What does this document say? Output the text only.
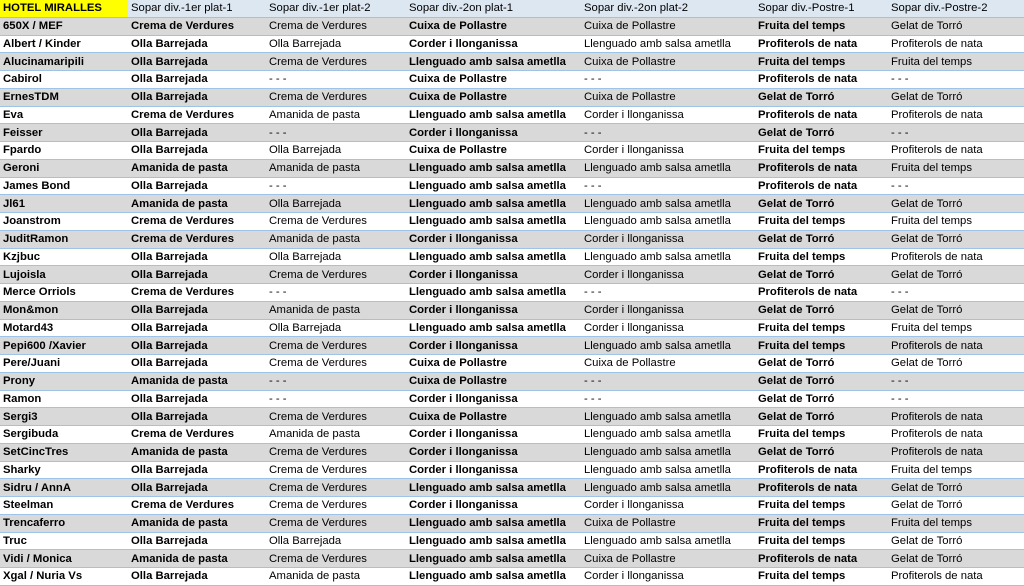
HOTEL MIRALLES	Sopar div.-1er plat-1	Sopar div.-1er plat-2	Sopar div.-2on plat-1	Sopar div.-2on plat-2	Sopar div.-Postre-1	Sopar div.-Postre-2
650X / MEF	Crema de Verdures	Crema de Verdures	Cuixa de Pollastre	Cuixa de Pollastre	Fruita del temps	Gelat de Torró
Albert / Kinder	Olla Barrejada	Olla Barrejada	Corder i llonganissa	Llenguado amb salsa ametlla	Profiterols de nata	Profiterols de nata
Alucinamaripili	Olla Barrejada	Crema de Verdures	Llenguado amb salsa ametlla	Cuixa de Pollastre	Fruita del temps	Fruita del temps
Cabirol	Olla Barrejada	- - -	Cuixa de Pollastre	- - -	Profiterols de nata	- - -
ErnesTDM	Olla Barrejada	Crema de Verdures	Cuixa de Pollastre	Cuixa de Pollastre	Gelat de Torró	Gelat de Torró
Eva	Crema de Verdures	Amanida de pasta	Llenguado amb salsa ametlla	Corder i llonganissa	Profiterols de nata	Profiterols de nata
Feisser	Olla Barrejada	- - -	Corder i llonganissa	- - -	Gelat de Torró	- - -
Fpardo	Olla Barrejada	Olla Barrejada	Cuixa de Pollastre	Corder i llonganissa	Fruita del temps	Profiterols de nata
Geroni	Amanida de pasta	Amanida de pasta	Llenguado amb salsa ametlla	Llenguado amb salsa ametlla	Profiterols de nata	Fruita del temps
James Bond	Olla Barrejada	- - -	Llenguado amb salsa ametlla	- - -	Profiterols de nata	- - -
Jl61	Amanida de pasta	Olla Barrejada	Llenguado amb salsa ametlla	Llenguado amb salsa ametlla	Gelat de Torró	Gelat de Torró
Joanstrom	Crema de Verdures	Crema de Verdures	Llenguado amb salsa ametlla	Llenguado amb salsa ametlla	Fruita del temps	Fruita del temps
JuditRamon	Crema de Verdures	Amanida de pasta	Corder i llonganissa	Corder i llonganissa	Gelat de Torró	Gelat de Torró
Kzjbuc	Olla Barrejada	Olla Barrejada	Llenguado amb salsa ametlla	Llenguado amb salsa ametlla	Fruita del temps	Profiterols de nata
Lujoisla	Olla Barrejada	Crema de Verdures	Corder i llonganissa	Corder i llonganissa	Gelat de Torró	Gelat de Torró
Merce Orriols	Crema de Verdures	- - -	Llenguado amb salsa ametlla	- - -	Profiterols de nata	- - -
Mon&mon	Olla Barrejada	Amanida de pasta	Corder i llonganissa	Corder i llonganissa	Gelat de Torró	Gelat de Torró
Motard43	Olla Barrejada	Olla Barrejada	Llenguado amb salsa ametlla	Corder i llonganissa	Fruita del temps	Fruita del temps
Pepi600 /Xavier	Olla Barrejada	Crema de Verdures	Corder i llonganissa	Llenguado amb salsa ametlla	Fruita del temps	Profiterols de nata
Pere/Juani	Olla Barrejada	Crema de Verdures	Cuixa de Pollastre	Cuixa de Pollastre	Gelat de Torró	Gelat de Torró
Prony	Amanida de pasta	- - -	Cuixa de Pollastre	- - -	Gelat de Torró	- - -
Ramon	Olla Barrejada	- - -	Corder i llonganissa	- - -	Gelat de Torró	- - -
Sergi3	Olla Barrejada	Crema de Verdures	Cuixa de Pollastre	Llenguado amb salsa ametlla	Gelat de Torró	Profiterols de nata
Sergibuda	Crema de Verdures	Amanida de pasta	Corder i llonganissa	Llenguado amb salsa ametlla	Fruita del temps	Profiterols de nata
SetCincTres	Amanida de pasta	Crema de Verdures	Corder i llonganissa	Llenguado amb salsa ametlla	Gelat de Torró	Profiterols de nata
Sharky	Olla Barrejada	Crema de Verdures	Corder i llonganissa	Llenguado amb salsa ametlla	Profiterols de nata	Fruita del temps
Sidru / AnnA	Olla Barrejada	Crema de Verdures	Llenguado amb salsa ametlla	Llenguado amb salsa ametlla	Profiterols de nata	Gelat de Torró
Steelman	Crema de Verdures	Crema de Verdures	Corder i llonganissa	Corder i llonganissa	Fruita del temps	Gelat de Torró
Trencaferro	Amanida de pasta	Crema de Verdures	Llenguado amb salsa ametlla	Cuixa de Pollastre	Fruita del temps	Fruita del temps
Truc	Olla Barrejada	Olla Barrejada	Llenguado amb salsa ametlla	Llenguado amb salsa ametlla	Fruita del temps	Gelat de Torró
Vidi / Monica	Amanida de pasta	Crema de Verdures	Llenguado amb salsa ametlla	Cuixa de Pollastre	Profiterols de nata	Gelat de Torró
Xgal / Nuria Vs	Olla Barrejada	Amanida de pasta	Llenguado amb salsa ametlla	Corder i llonganissa	Fruita del temps	Profiterols de nata
